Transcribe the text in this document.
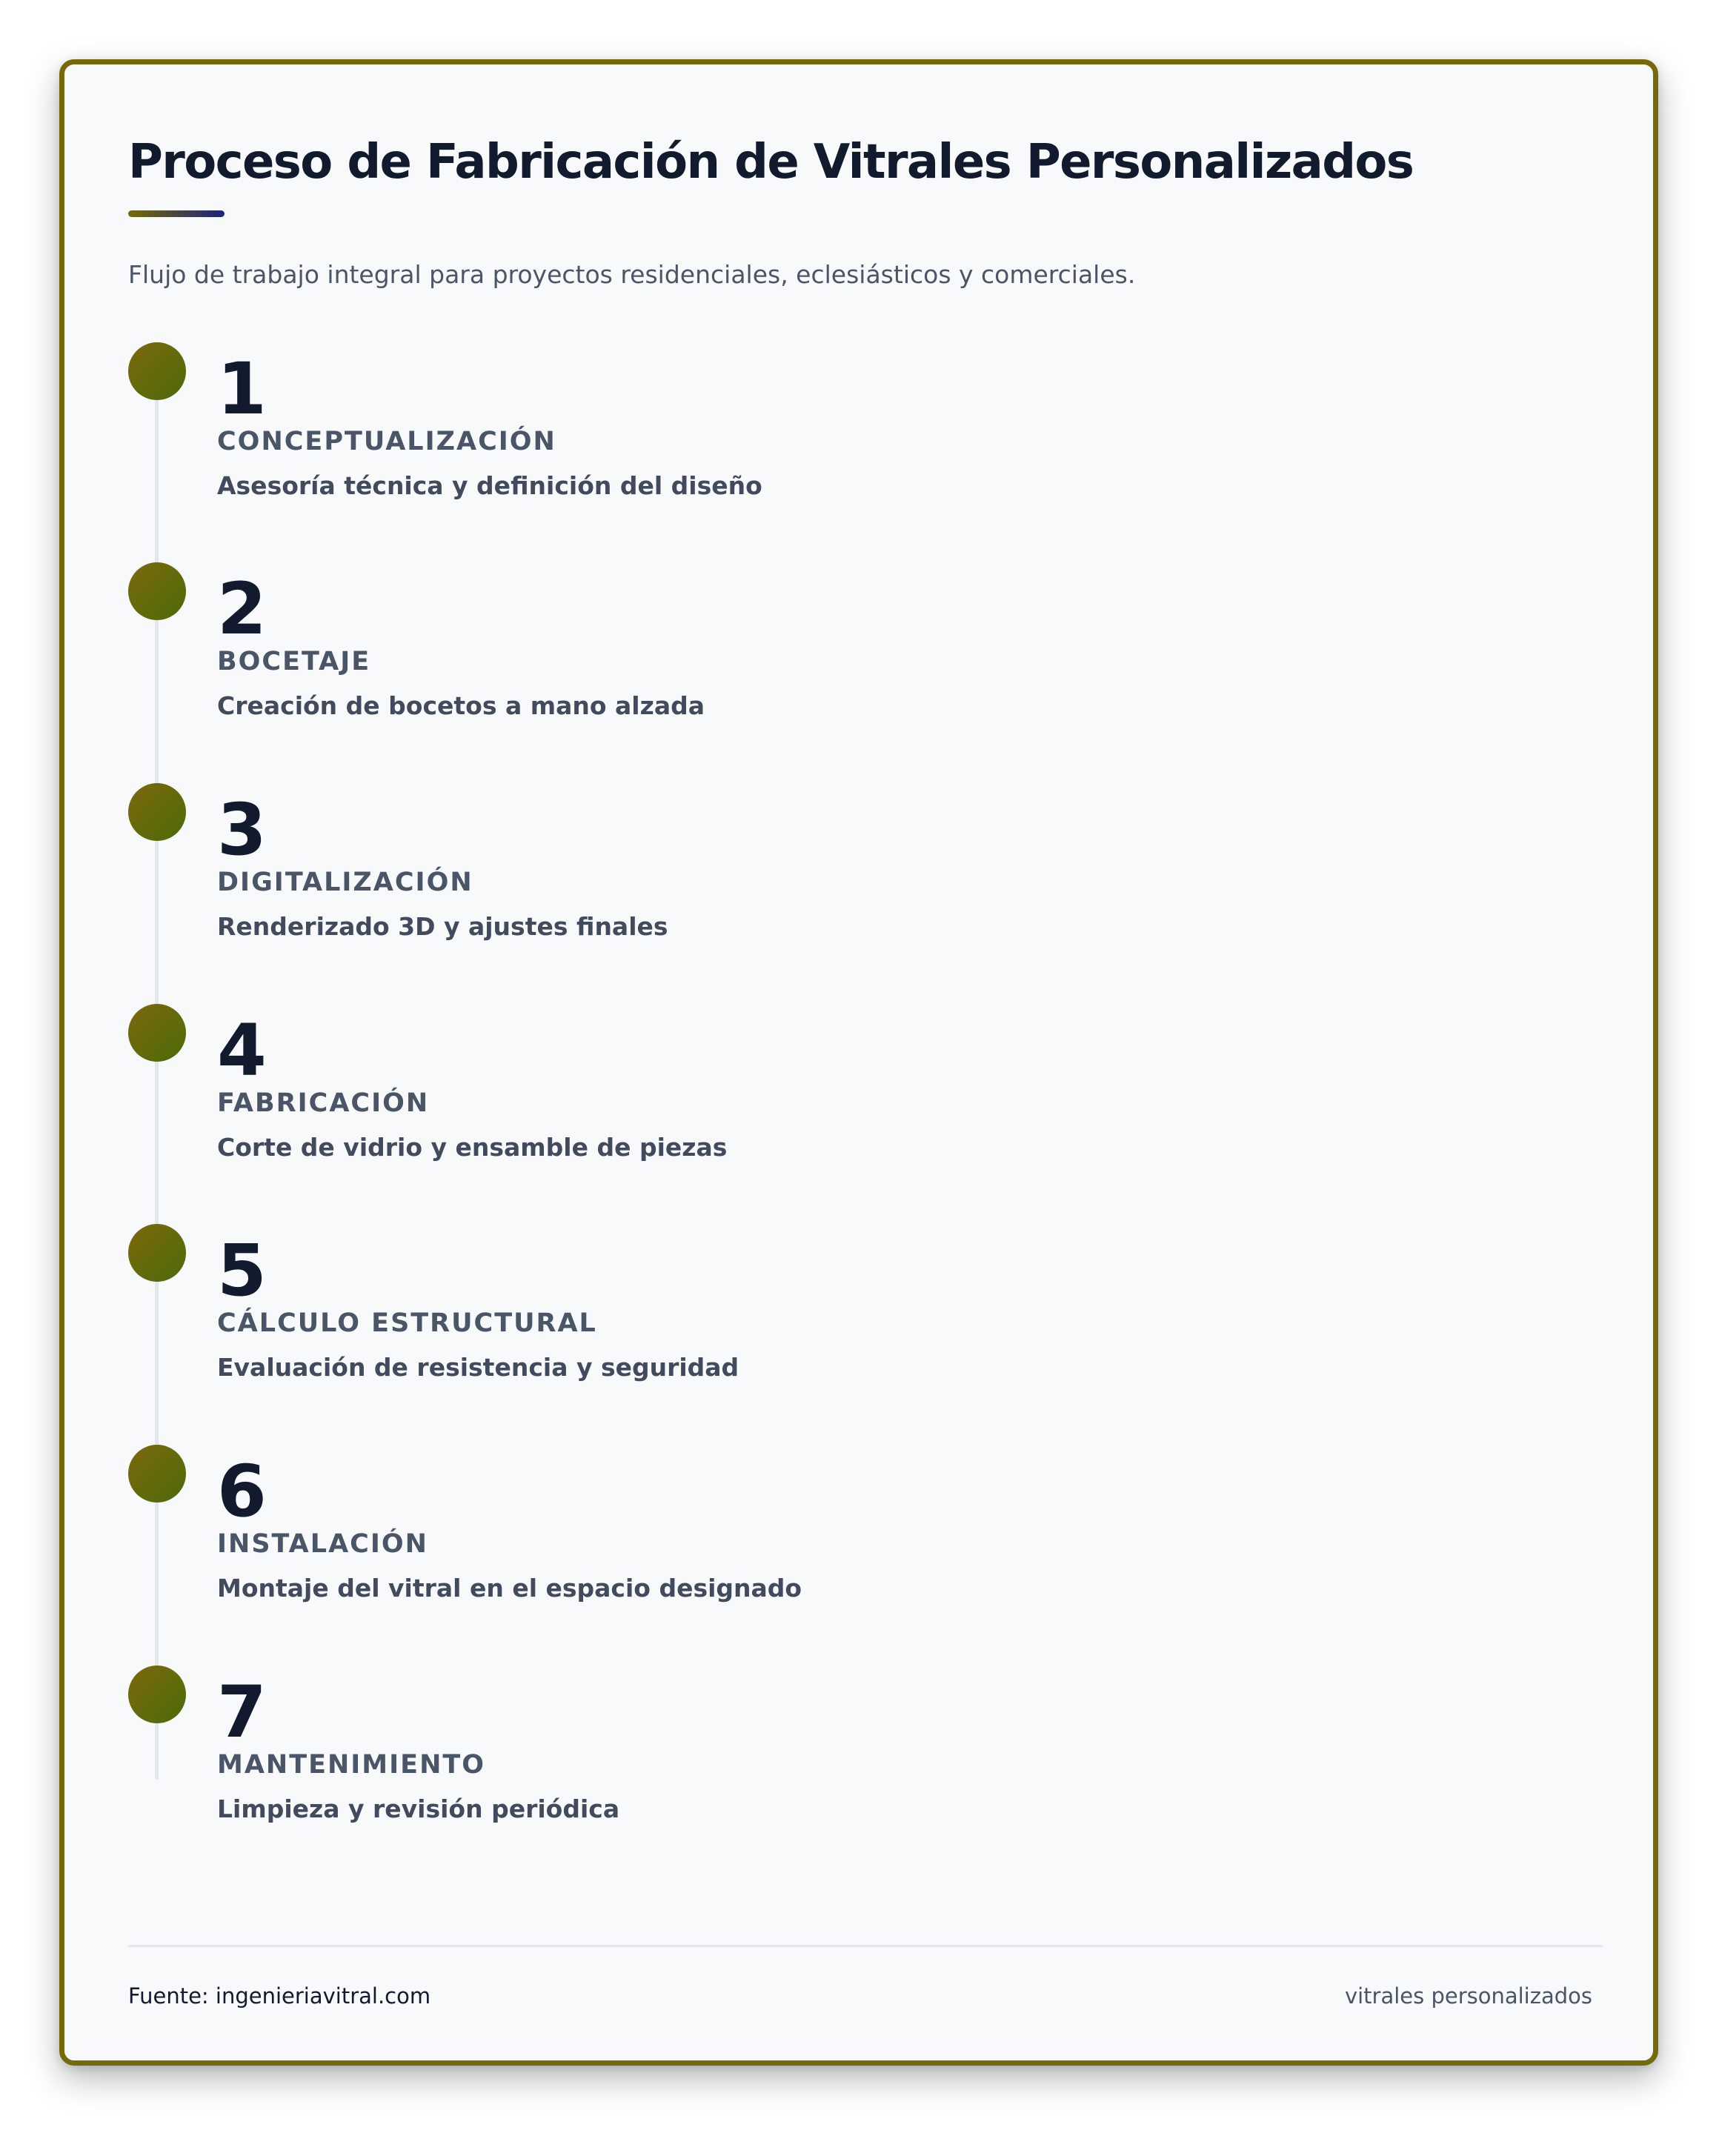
Proceso de Fabricación de Vitrales Personalizados

Flujo de trabajo integral para proyectos residenciales, eclesiásticos y comerciales.

1
CONCEPTUALIZACIÓN
Asesoría técnica y definición del diseño
2
BOCETAJE
Creación de bocetos a mano alzada
3
DIGITALIZACIÓN
Renderizado 3D y ajustes finales
4
FABRICACIÓN
Corte de vidrio y ensamble de piezas
5
CÁLCULO ESTRUCTURAL
Evaluación de resistencia y seguridad
6
INSTALACIÓN
Montaje del vitral en el espacio designado
7
MANTENIMIENTO
Limpieza y revisión periódica
Fuente: ingenieriavitral.com	vitrales personalizados
